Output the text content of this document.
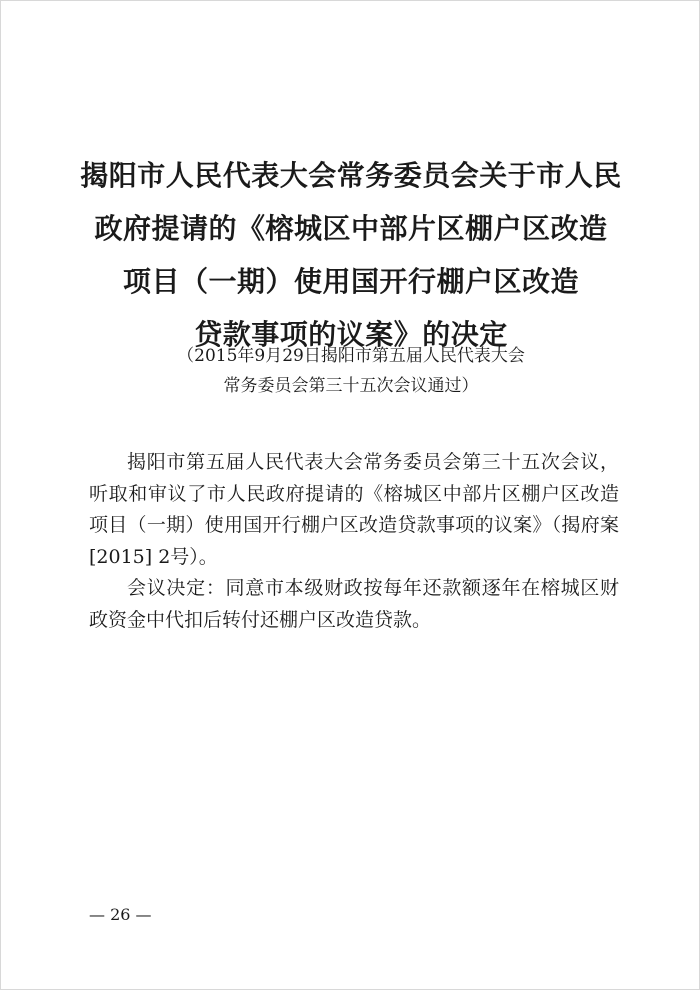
揭阳市人民代表大会常务委员会关于市人民
政府提请的《榕城区中部片区棚户区改造
项目（一期）使用国开行棚户区改造
贷款事项的议案》的决定
（2015年9月29日揭阳市第五届人民代表大会
常务委员会第三十五次会议通过）

揭阳市第五届人民代表大会常务委员会第三十五次会议，听取和审议了市人民政府提请的《榕城区中部片区棚户区改造项目（一期）使用国开行棚户区改造贷款事项的议案》（揭府案[2015] 2号）。

会议决定：同意市本级财政按每年还款额逐年在榕城区财政资金中代扣后转付还棚户区改造贷款。

— 26 —
